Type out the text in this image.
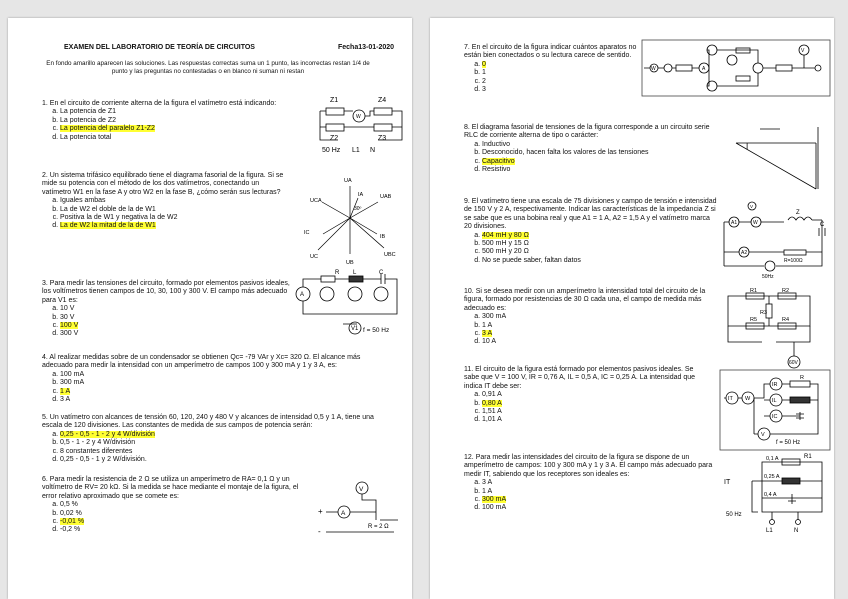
EXAMEN DEL LABORATORIO DE TEORÍA DE CIRCUITOS	Fecha13-01-2020
En fondo amarillo aparecen las soluciones. Las respuestas correctas suma un 1 punto, las incorrectas restan 1/4 de punto y las preguntas no contestadas o en blanco ni suman ni restan
1. En el circuito de corriente alterna de la figura el vatímetro está indicando:
a. La potencia de Z1
b. La potencia de Z2
c. La potencia del paralelo Z1-Z2
d. La potencia total
2. Un sistema trifásico equilibrado tiene el diagrama fasorial de la figura. Si se mide su potencia con el método de los dos vatímetros, conectando un vatímetro W1 en la fase A y otro W2 en la fase B, ¿cómo serán sus lecturas?
a. Iguales ambas
b. La de W2 el doble de la de W1
c. Positiva la de W1 y negativa la de W2
d. La de W2 la mitad de la de W1
3. Para medir las tensiones del circuito, formado por elementos pasivos ideales, los voltímetros tienen campos de 10, 30, 100 y 300 V. El campo más adecuado para V1 es:
a. 10 V
b. 30 V
c. 100 V
d. 300 V
4. Al realizar medidas sobre de un condensador se obtienen Qc= -79 VAr y Xc= 320 Ω. El alcance más adecuado para medir la intensidad con un amperímetro de campos 100 y 300 mA y 1 y 3 A, es:
a. 100 mA
b. 300 mA
c. 1 A
d. 3 A
5. Un vatímetro con alcances de tensión 60, 120, 240 y 480 V y alcances de intensidad 0,5 y 1 A, tiene una escala de 120 divisiones. Las constantes de medida de sus campos de potencia serán:
a. 0,25 - 0,5 - 1 - 2 y 4 W/división
b. 0,5 - 1 - 2 y 4 W/división
c. 8 constantes diferentes
d. 0,25 - 0,5 - 1 y 2 W/división.
6. Para medir la resistencia de 2 Ω se utiliza un amperímetro de RA= 0,1 Ω y un voltímetro de RV= 20 kΩ. Si la medida se hace mediante el montaje de la figura, el error relativo aproximado que se comete es:
a. 0,5 %
b. 0,02 %
c. -0,01 %
d. -0,2 %
Z1	Z4
Z2	Z3
W
50 Hz L1 N
UA
UAB
UCA
IC
IB
UC	UBC
UB
IA
30º
R L	C
A
V1 f = 50 Hz
V
A
R = 2 Ω
+
-
7. En el circuito de la figura indicar cuántos aparatos no están bien conectados o su lectura carece de sentido.
a. 0
b. 1
c. 2
d. 3
8. El diagrama fasorial de tensiones de la figura corresponde a un circuito serie RLC de corriente alterna de tipo o carácter:
a. Inductivo
b. Desconocido, hacen falta los valores de las tensiones
c. Capacitivo
d. Resistivo
9. El vatímetro tiene una escala de 75 divisiones y campo de tensión e intensidad de 150 V y 2 A, respectivamente. Indicar las características de la impedancia Z si se sabe que es una bobina real y que A1 = 1 A, A2 = 1,5 A y el vatímetro marca 20 divisiones.
a. 404 mH y 80 Ω
b. 500 mH y 15 Ω
c. 500 mH y 20 Ω
d. No se puede saber, faltan datos
10. Si se desea medir con un amperímetro la intensidad total del circuito de la figura, formado por resistencias de 30 Ω cada una, el campo de medida más adecuado es:
a. 300 mA
b. 1 A
c. 3 A
d. 10 A
11. El circuito de la figura está formado por elementos pasivos ideales. Se sabe que V = 100 V, IR = 0,76 A, IL = 0,5 A, IC = 0,25 A. La intensidad que indica IT debe ser:
a. 0,91 A
b. 0,80 A
c. 1,51 A
d. 1,01 A
12. Para medir las intensidades del circuito de la figura se dispone de un amperímetro de campos: 100 y 300 mA y 1 y 3 A. El campo más adecuado para medir IT, sabiendo que los receptores son ideales es:
a. 3 A
b. 1 A
c. 300 mA
d. 100 mA
W	A
V
I
A1	W
V
A2
Z
C
R=100Ω
50Hz
R1	R2
R3
R4
R5
60V
IT W
IR
IL
IC
R
V
f = 50 Hz
IT
R1
0,1 A
0,25 A
0,4 A
50 Hz
L1	N
